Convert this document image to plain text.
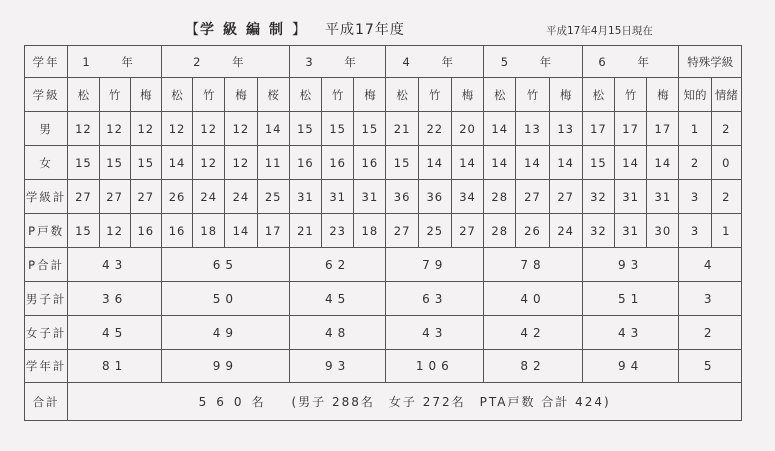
【学級編制】 平成17年度	平成17年4月15日現在
学年	1 年			2 年				3 年			4 年			5 年			6 年			特殊学級	
学級	松	竹	梅	松	竹	梅	桜	松	竹	梅	松	竹	梅	松	竹	梅	松	竹	梅	知的	情緒
男	12	12	12	12	12	12	14	15	15	15	21	22	20	14	13	13	17	17	17	1	2
女	15	15	15	14	12	12	11	16	16	16	15	14	14	14	14	14	15	14	14	2	0
学級計	27	27	27	26	24	24	25	31	31	31	36	36	34	28	27	27	32	31	31	3	2
P戸数	15	12	16	16	18	14	17	21	23	18	27	25	27	28	26	24	32	31	30	3	1
P合計	43			65				62			79			78			93			4	
男子計	36			50				45			63			40			51			3	
女子計	45			49				48			43			42			43			2	
学年計	81			99				93			106			82			94			5	
合計	560名 (男子 288名　女子 272名　PTA戸数 合計 424)																				
